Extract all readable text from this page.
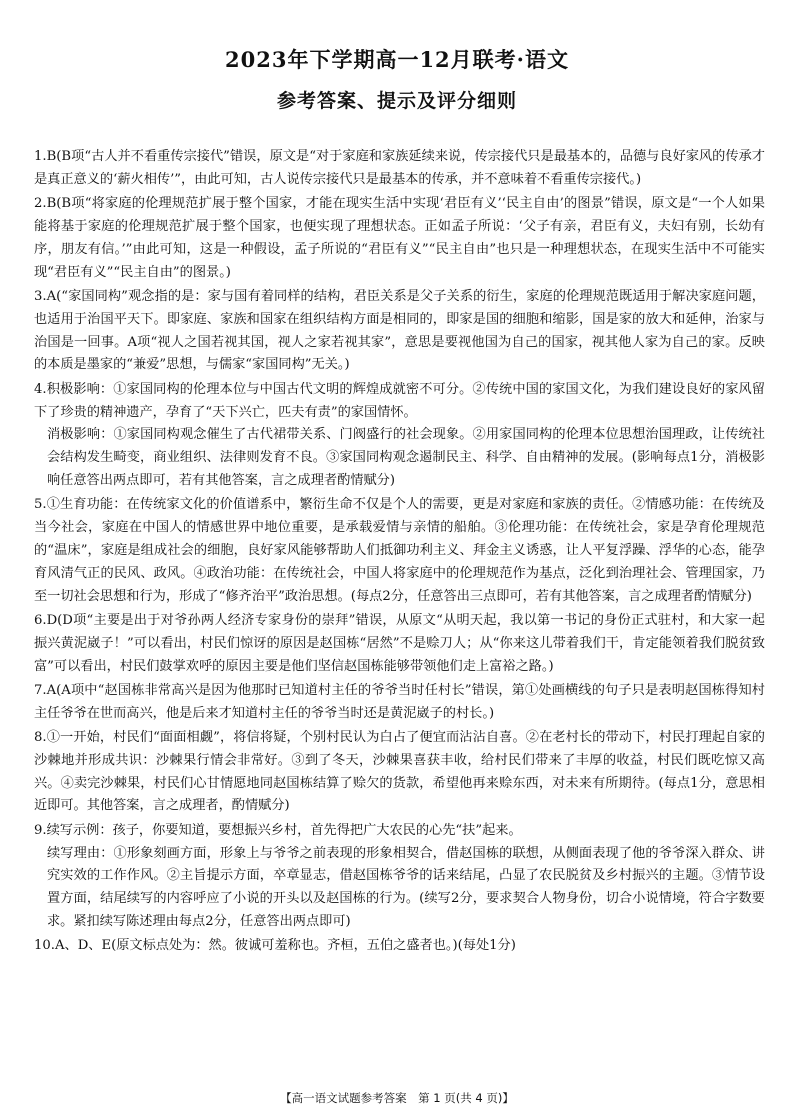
2023年下学期高一12月联考·语文
参考答案、提示及评分细则

1.B(B项“古人并不看重传宗接代”错误，原文是“对于家庭和家族延续来说，传宗接代只是最基本的，品德与良好家风的传承才是真正意义的‘薪火相传’”，由此可知，古人说传宗接代只是最基本的传承，并不意味着不看重传宗接代。)

2.B(B项“将家庭的伦理规范扩展于整个国家，才能在现实生活中实现‘君臣有义’‘民主自由’的图景”错误，原文是“一个人如果能将基于家庭的伦理规范扩展于整个国家，也便实现了理想状态。正如孟子所说：‘父子有亲，君臣有义，夫妇有别，长幼有序，朋友有信。’”由此可知，这是一种假设，孟子所说的“君臣有义”“民主自由”也只是一种理想状态，在现实生活中不可能实现“君臣有义”“民主自由”的图景。)

3.A(“家国同构”观念指的是：家与国有着同样的结构，君臣关系是父子关系的衍生，家庭的伦理规范既适用于解决家庭问题，也适用于治国平天下。即家庭、家族和国家在组织结构方面是相同的，即家是国的细胞和缩影，国是家的放大和延伸，治家与治国是一回事。A项“视人之国若视其国，视人之家若视其家”，意思是要视他国为自己的国家，视其他人家为自己的家。反映的本质是墨家的“兼爱”思想，与儒家“家国同构”无关。)

4.积极影响：①家国同构的伦理本位与中国古代文明的辉煌成就密不可分。②传统中国的家国文化，为我们建设良好的家风留下了珍贵的精神遗产，孕育了“天下兴亡，匹夫有责”的家国情怀。

消极影响：①家国同构观念催生了古代裙带关系、门阀盛行的社会现象。②用家国同构的伦理本位思想治国理政，让传统社会结构发生畸变，商业组织、法律则发育不良。③家国同构观念遏制民主、科学、自由精神的发展。(影响每点1分，消极影响任意答出两点即可，若有其他答案，言之成理者酌情赋分)

5.①生育功能：在传统家文化的价值谱系中，繁衍生命不仅是个人的需要，更是对家庭和家族的责任。②情感功能：在传统及当今社会，家庭在中国人的情感世界中地位重要，是承载爱情与亲情的船舶。③伦理功能：在传统社会，家是孕育伦理规范的“温床”，家庭是组成社会的细胞，良好家风能够帮助人们抵御功利主义、拜金主义诱惑，让人平复浮躁、浮华的心态，能孕育风清气正的民风、政风。④政治功能：在传统社会，中国人将家庭中的伦理规范作为基点，泛化到治理社会、管理国家，乃至一切社会思想和行为，形成了“修齐治平”政治思想。(每点2分，任意答出三点即可，若有其他答案，言之成理者酌情赋分)

6.D(D项“主要是出于对爷孙两人经济专家身份的崇拜”错误，从原文“从明天起，我以第一书记的身份正式驻村，和大家一起振兴黄泥崴子！”可以看出，村民们惊讶的原因是赵国栋“居然”不是赊刀人；从“你来这儿带着我们干，肯定能领着我们脱贫致富”可以看出，村民们鼓掌欢呼的原因主要是他们坚信赵国栋能够带领他们走上富裕之路。)

7.A(A项中“赵国栋非常高兴是因为他那时已知道村主任的爷爷当时任村长”错误，第①处画横线的句子只是表明赵国栋得知村主任爷爷在世而高兴，他是后来才知道村主任的爷爷当时还是黄泥崴子的村长。)

8.①一开始，村民们“面面相觑”，将信将疑，个别村民认为白占了便宜而沾沾自喜。②在老村长的带动下，村民打理起自家的沙棘地并形成共识：沙棘果行情会非常好。③到了冬天，沙棘果喜获丰收，给村民们带来了丰厚的收益，村民们既吃惊又高兴。④卖完沙棘果，村民们心甘情愿地同赵国栋结算了赊欠的货款，希望他再来赊东西，对未来有所期待。(每点1分，意思相近即可。其他答案，言之成理者，酌情赋分)

9.续写示例：孩子，你要知道，要想振兴乡村，首先得把广大农民的心先“扶”起来。

续写理由：①形象刻画方面，形象上与爷爷之前表现的形象相契合，借赵国栋的联想，从侧面表现了他的爷爷深入群众、讲究实效的工作作风。②主旨提示方面，卒章显志，借赵国栋爷爷的话来结尾，凸显了农民脱贫及乡村振兴的主题。③情节设置方面，结尾续写的内容呼应了小说的开头以及赵国栋的行为。(续写2分，要求契合人物身份，切合小说情境，符合字数要求。紧扣续写陈述理由每点2分，任意答出两点即可)

10.A、D、E(原文标点处为：然。彼诚可羞称也。齐桓，五伯之盛者也。)(每处1分)

【高一语文试题参考答案　第 1 页(共 4 页)】
